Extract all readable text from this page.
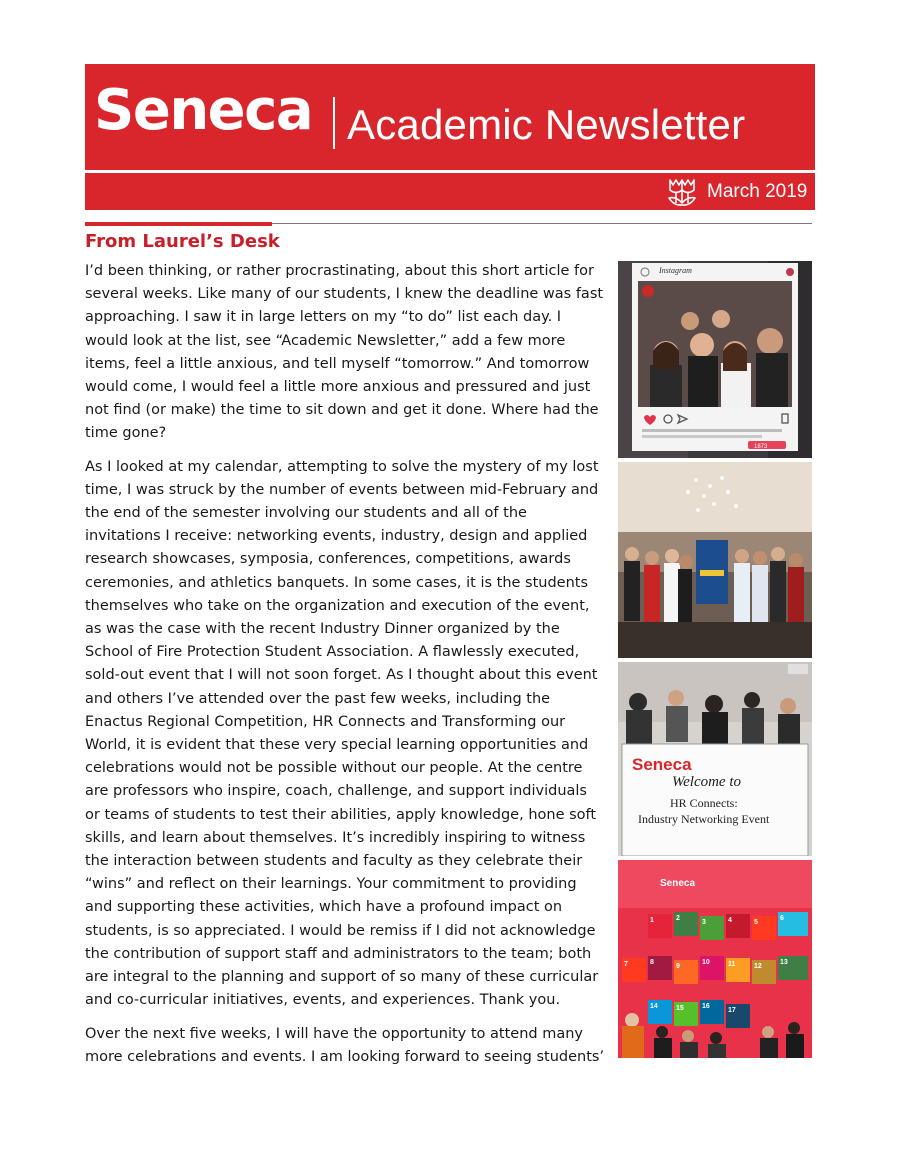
Seneca Academic Newsletter
March 2019
From Laurel’s Desk

I’d been thinking, or rather procrastinating, about this short article for several weeks. Like many of our students, I knew the deadline was fast approaching. I saw it in large letters on my “to do” list each day. I would look at the list, see “Academic Newsletter,” add a few more items, feel a little anxious, and tell myself “tomorrow.” And tomorrow would come, I would feel a little more anxious and pressured and just not find (or make) the time to sit down and get it done. Where had the time gone?

As I looked at my calendar, attempting to solve the mystery of my lost time, I was struck by the number of events between mid-February and the end of the semester involving our students and all of the invitations I receive: networking events, industry, design and applied research showcases, symposia, conferences, competitions, awards ceremonies, and athletics banquets. In some cases, it is the students themselves who take on the organization and execution of the event, as was the case with the recent Industry Dinner organized by the School of Fire Protection Student Association. A flawlessly executed, sold-out event that I will not soon forget. As I thought about this event and others I’ve attended over the past few weeks, including the Enactus Regional Competition, HR Connects and Transforming our World, it is evident that these very special learning opportunities and celebrations would not be possible without our people. At the centre are professors who inspire, coach, challenge, and support individuals or teams of students to test their abilities, apply knowledge, hone soft skills, and learn about themselves. It’s incredibly inspiring to witness the interaction between students and faculty as they celebrate their “wins” and reflect on their learnings. Your commitment to providing and supporting these activities, which have a profound impact on students, is so appreciated. I would be remiss if I did not acknowledge the contribution of support staff and administrators to the team; both are integral to the planning and support of so many of these curricular and co-curricular initiatives, events, and experiences. Thank you.

Over the next five weeks, I will have the opportunity to attend many more celebrations and events. I am looking forward to seeing students’

Instagram
1873
Seneca
Welcome to
HR Connects:
Industry Networking Event
Seneca
1	2
3	4	5
6
7	8
9
10	11	12
13
14	15	16
17
